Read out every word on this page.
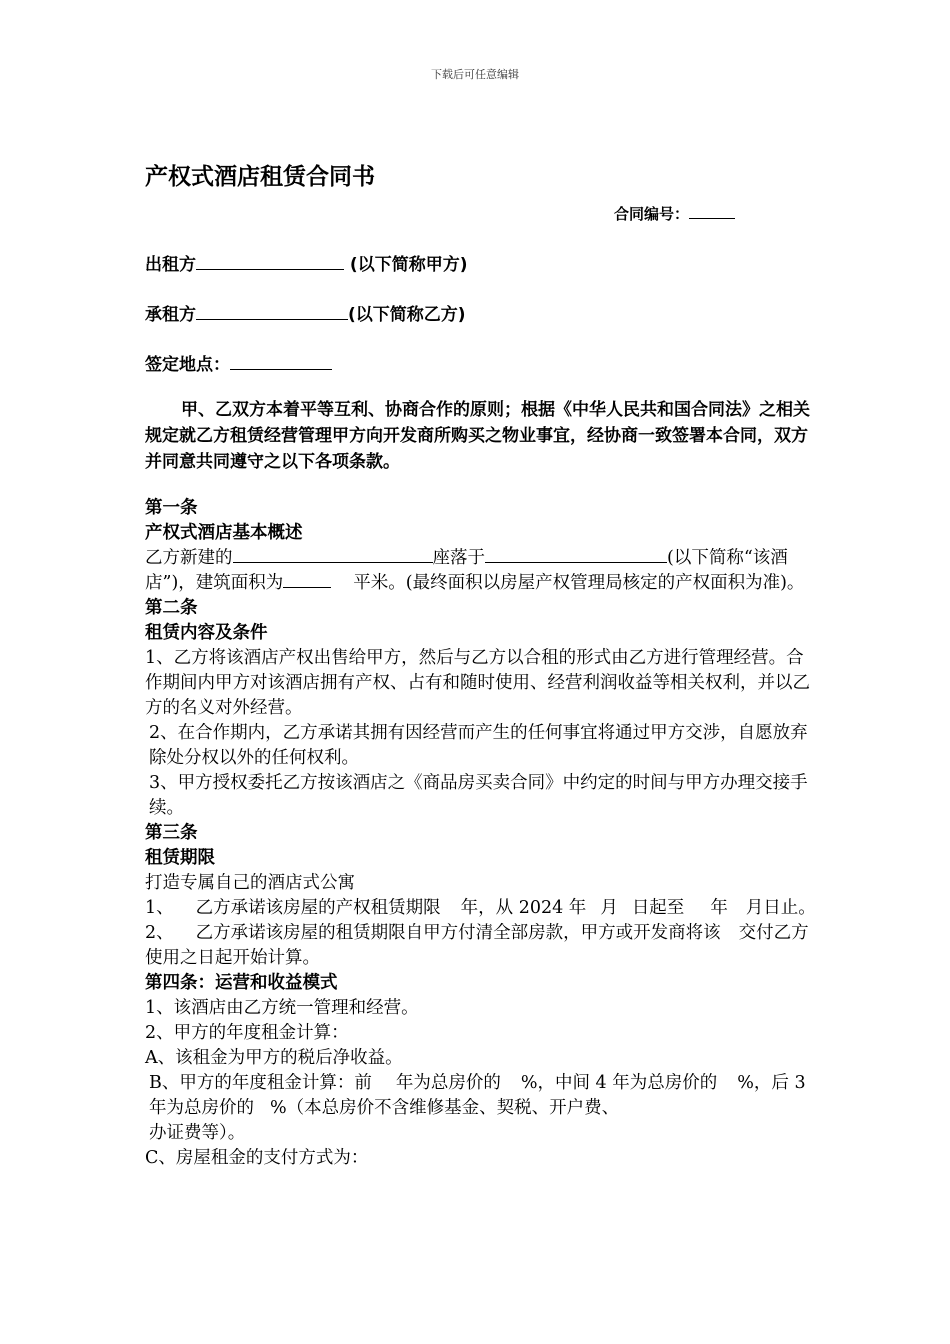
下载后可任意编辑
产权式酒店租赁合同书
合同编号：
出租方	(以下简称甲方)
承租方	(以下简称乙方)
签定地点：
甲、乙双方本着平等互利、协商合作的原则；根据《中华人民共和国合同法》之相关规定就乙方租赁经营管理甲方向开发商所购买之物业事宜，经协商一致签署本合同，双方并同意共同遵守之以下各项条款。

第一条

产权式酒店基本概述

乙方新建的	座落于	(以下简称“该酒店”)，建筑面积为	平米。(最终面积以房屋产权管理局核定的产权面积为准)。

第二条

租赁内容及条件

1、乙方将该酒店产权出售给甲方，然后与乙方以合租的形式由乙方进行管理经营。合作期间内甲方对该酒店拥有产权、占有和随时使用、经营利润收益等相关权利，并以乙方的名义对外经营。

2、在合作期内，乙方承诺其拥有因经营而产生的任何事宜将通过甲方交涉，自愿放弃除处分权以外的任何权利。

3、甲方授权委托乙方按该酒店之《商品房买卖合同》中约定的时间与甲方办理交接手续。

第三条

租赁期限

打造专属自己的酒店式公寓

1、 乙方承诺该房屋的产权租赁期限 年，从 2024 年 月 日起至 年 月日止。

2、 乙方承诺该房屋的租赁期限自甲方付清全部房款，甲方或开发商将该 交付乙方使用之日起开始计算。

第四条：运营和收益模式

1、该酒店由乙方统一管理和经营。

2、甲方的年度租金计算：

A、该租金为甲方的税后净收益。

B、甲方的年度租金计算：前 年为总房价的 %，中间 4 年为总房价的 %，后 3 年为总房价的 %（本总房价不含维修基金、契税、开户费、
办证费等）。

C、房屋租金的支付方式为：
